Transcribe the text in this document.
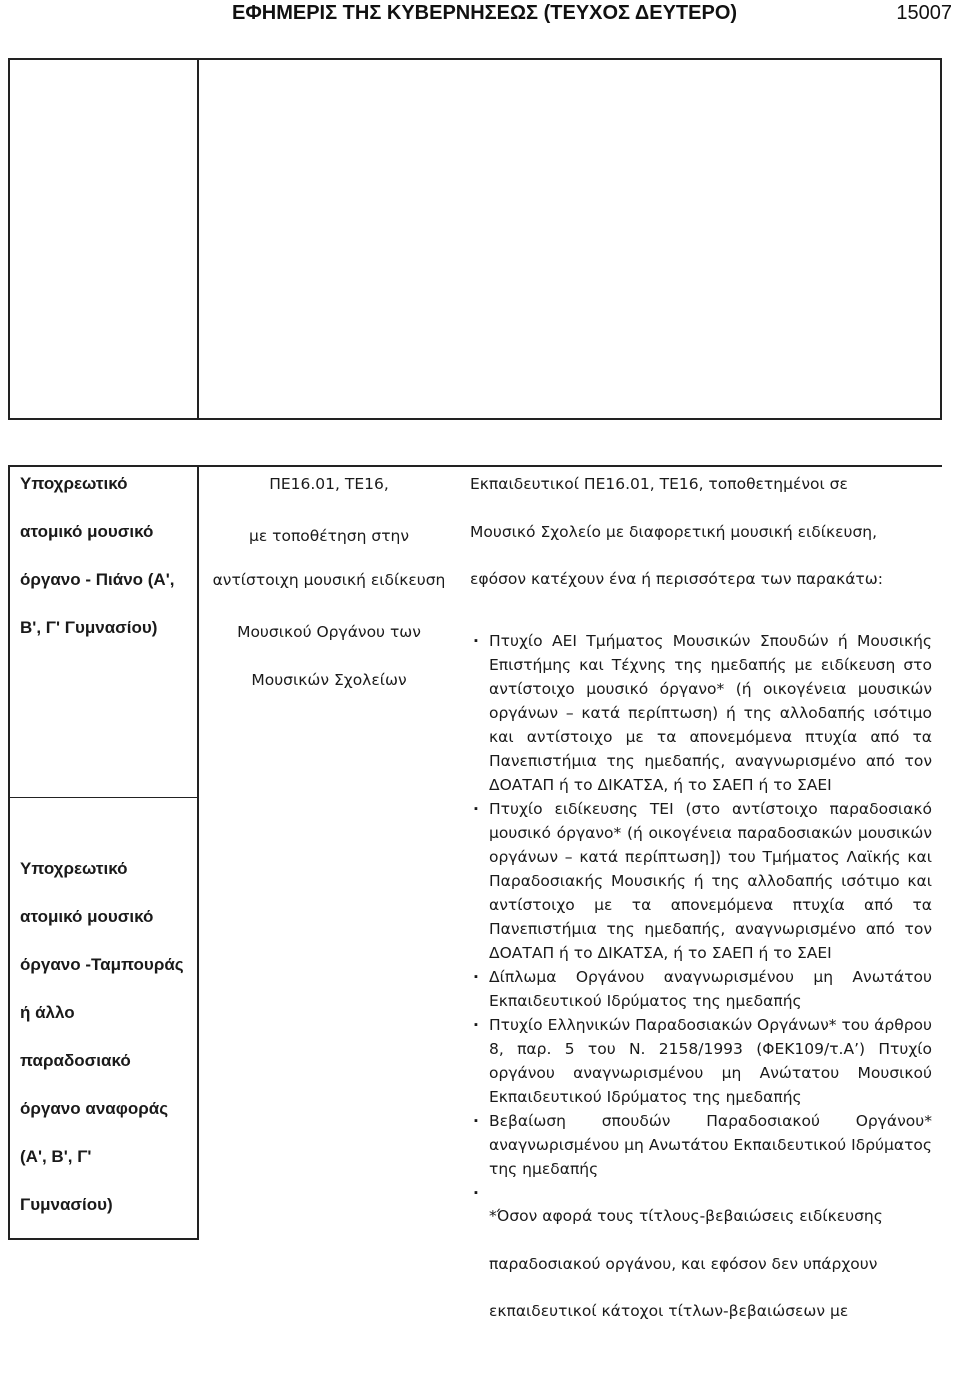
ΕΦΗΜΕΡΙΣ ΤΗΣ ΚΥΒΕΡΝΗΣΕΩΣ (ΤΕΥΧΟΣ ΔΕΥΤΕΡΟ)	15007
Υποχρεωτικό
ατομικό μουσικό
όργανο - Πιάνο (Α',
Β', Γ' Γυμνασίου)
Υποχρεωτικό
ατομικό μουσικό
όργανο -Ταμπουράς
ή άλλο
παραδοσιακό
όργανο αναφοράς
(Α', Β', Γ'
Γυμνασίου)
ΠΕ16.01, ΤΕ16,
με τοποθέτηση στην
αντίστοιχη μουσική ειδίκευση
Μουσικού Οργάνου των
Μουσικών Σχολείων
Εκπαιδευτικοί ΠΕ16.01, ΤΕ16, τοποθετημένοι σε
Μουσικό Σχολείο με διαφορετική μουσική ειδίκευση,
εφόσον κατέχουν ένα ή περισσότερα των παρακάτω:
· Πτυχίο ΑΕΙ Τμήματος Μουσικών Σπουδών ή Μουσικής Επιστήμης και Τέχνης της ημεδαπής με ειδίκευση στο αντίστοιχο μουσικό όργανο* (ή οικογένεια μουσικών οργάνων – κατά περίπτωση) ή της αλλοδαπής ισότιμο και αντίστοιχο με τα απονεμόμενα πτυχία από τα Πανεπιστήμια της ημεδαπής, αναγνωρισμένο από τον ΔΟΑΤΑΠ ή το ΔΙΚΑΤΣΑ, ή το ΣΑΕΠ ή το ΣΑΕΙ
· Πτυχίο ειδίκευσης ΤΕΙ (στο αντίστοιχο παραδοσιακό μουσικό όργανο* (ή οικογένεια παραδοσιακών μουσικών οργάνων – κατά περίπτωση]) του Τμήματος Λαϊκής και Παραδοσιακής Μουσικής ή της αλλοδαπής ισότιμο και αντίστοιχο με τα απονεμόμενα πτυχία από τα Πανεπιστήμια της ημεδαπής, αναγνωρισμένο από τον ΔΟΑΤΑΠ ή το ΔΙΚΑΤΣΑ, ή το ΣΑΕΠ ή το ΣΑΕΙ
· Δίπλωμα Οργάνου αναγνωρισμένου μη Ανωτάτου Εκπαιδευτικού Ιδρύματος της ημεδαπής
· Πτυχίο Ελληνικών Παραδοσιακών Οργάνων* του άρθρου 8, παρ. 5 του Ν. 2158/1993 (ΦΕΚ109/τ.Α’) Πτυχίο οργάνου αναγνωρισμένου μη Ανώτατου Μουσικού Εκπαιδευτικού Ιδρύματος της ημεδαπής
· Βεβαίωση σπουδών Παραδοσιακού Οργάνου* αναγνωρισμένου μη Ανωτάτου Εκπαιδευτικού Ιδρύματος της ημεδαπής
·
*Όσον αφορά τους τίτλους-βεβαιώσεις ειδίκευσης
παραδοσιακού οργάνου, και εφόσον δεν υπάρχουν
εκπαιδευτικοί κάτοχοι τίτλων-βεβαιώσεων με
